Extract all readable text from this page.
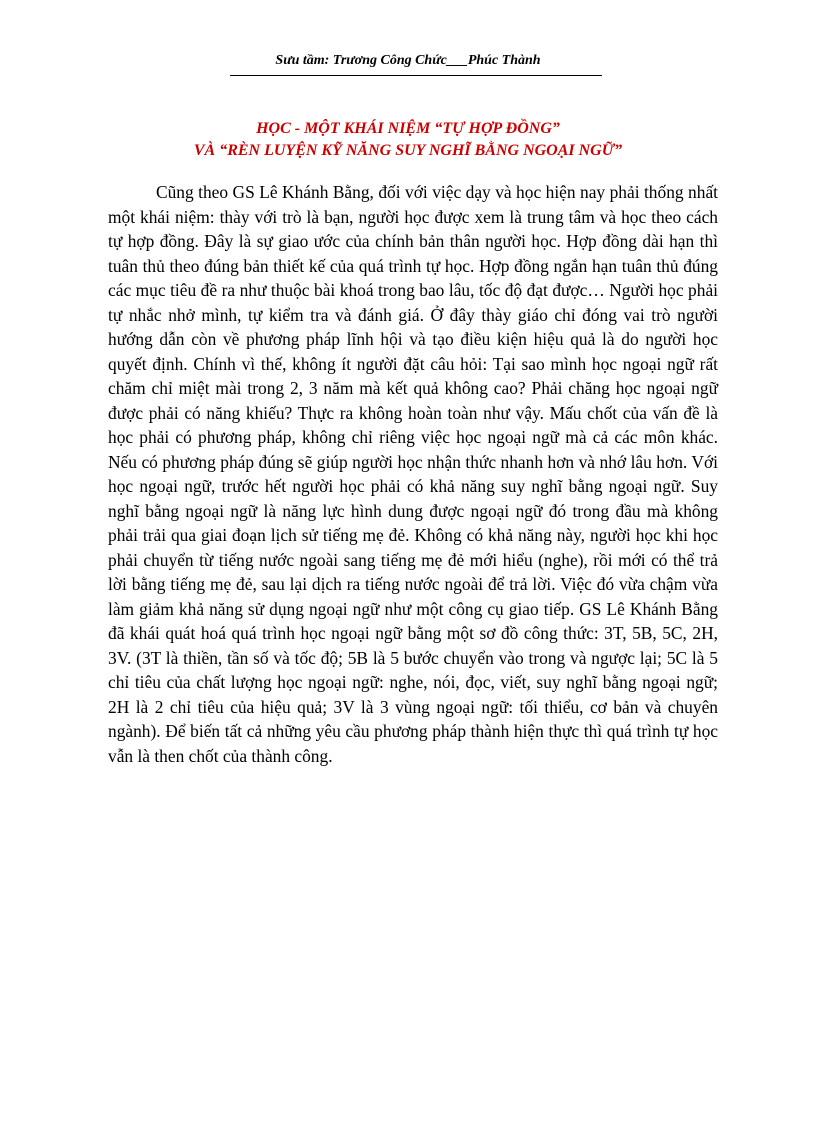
Sưu tầm: Trương Công Chức___Phúc Thành
HỌC - MỘT KHÁI NIỆM “TỰ HỢP ĐỒNG”
VÀ “RÈN LUYỆN KỸ NĂNG SUY NGHĨ BẰNG NGOẠI NGỮ”

Cũng theo GS Lê Khánh Bằng, đối với việc dạy và học hiện nay phải thống nhất một khái niệm: thày với trò là bạn, người học được xem là trung tâm và học theo cách tự hợp đồng. Đây là sự giao ước của chính bản thân người học. Hợp đồng dài hạn thì tuân thủ theo đúng bản thiết kế của quá trình tự học. Hợp đồng ngắn hạn tuân thủ đúng các mục tiêu đề ra như thuộc bài khoá trong bao lâu, tốc độ đạt được… Người học phải tự nhắc nhở mình, tự kiểm tra và đánh giá. Ở đây thày giáo chỉ đóng vai trò người hướng dẫn còn về phương pháp lĩnh hội và tạo điều kiện hiệu quả là do người học quyết định. Chính vì thế, không ít người đặt câu hỏi: Tại sao mình học ngoại ngữ rất chăm chỉ miệt mài trong 2, 3 năm mà kết quả không cao? Phải chăng học ngoại ngữ được phải có năng khiếu? Thực ra không hoàn toàn như vậy. Mấu chốt của vấn đề là học phải có phương pháp, không chỉ riêng việc học ngoại ngữ mà cả các môn khác. Nếu có phương pháp đúng sẽ giúp người học nhận thức nhanh hơn và nhớ lâu hơn. Với học ngoại ngữ, trước hết người học phải có khả năng suy nghĩ bằng ngoại ngữ. Suy nghĩ bằng ngoại ngữ là năng lực hình dung được ngoại ngữ đó trong đầu mà không phải trải qua giai đoạn lịch sử tiếng mẹ đẻ. Không có khả năng này, người học khi học phải chuyển từ tiếng nước ngoài sang tiếng mẹ đẻ mới hiểu (nghe), rồi mới có thể trả lời bằng tiếng mẹ đẻ, sau lại dịch ra tiếng nước ngoài để trả lời. Việc đó vừa chậm vừa làm giảm khả năng sử dụng ngoại ngữ như một công cụ giao tiếp. GS Lê Khánh Bằng đã khái quát hoá quá trình học ngoại ngữ bằng một sơ đồ công thức: 3T, 5B, 5C, 2H, 3V. (3T là thiền, tần số và tốc độ; 5B là 5 bước chuyển vào trong và ngược lại; 5C là 5 chỉ tiêu của chất lượng học ngoại ngữ: nghe, nói, đọc, viết, suy nghĩ bằng ngoại ngữ; 2H là 2 chỉ tiêu của hiệu quả; 3V là 3 vùng ngoại ngữ: tối thiểu, cơ bản và chuyên ngành). Để biến tất cả những yêu cầu phương pháp thành hiện thực thì quá trình tự học vẫn là then chốt của thành công.
